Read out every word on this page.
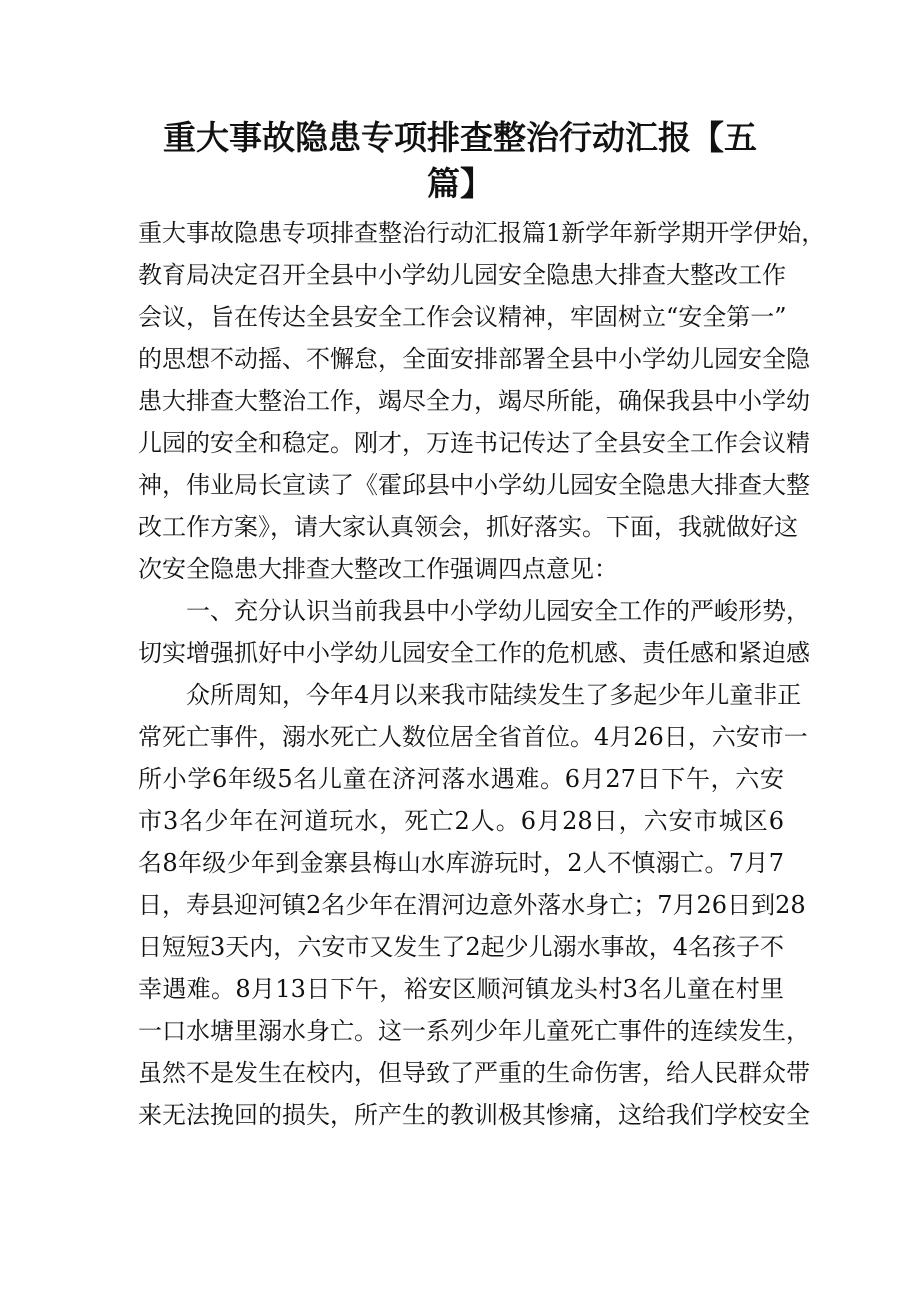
重大事故隐患专项排查整治行动汇报【五
篇】
重大事故隐患专项排查整治行动汇报篇1新学年新学期开学伊始，
教育局决定召开全县中小学幼儿园安全隐患大排查大整改工作
会议，旨在传达全县安全工作会议精神，牢固树立“安全第一”
的思想不动摇、不懈怠，全面安排部署全县中小学幼儿园安全隐
患大排查大整治工作，竭尽全力，竭尽所能，确保我县中小学幼
儿园的安全和稳定。刚才，万连书记传达了全县安全工作会议精
神，伟业局长宣读了《霍邱县中小学幼儿园安全隐患大排查大整
改工作方案》，请大家认真领会，抓好落实。下面，我就做好这
次安全隐患大排查大整改工作强调四点意见：
一、充分认识当前我县中小学幼儿园安全工作的严峻形势，
切实增强抓好中小学幼儿园安全工作的危机感、责任感和紧迫感
众所周知，今年4月以来我市陆续发生了多起少年儿童非正
常死亡事件，溺水死亡人数位居全省首位。4月26日，六安市一
所小学6年级5名儿童在济河落水遇难。6月27日下午，六安
市3名少年在河道玩水，死亡2人。6月28日，六安市城区6
名8年级少年到金寨县梅山水库游玩时，2人不慎溺亡。7月7
日，寿县迎河镇2名少年在渭河边意外落水身亡；7月26日到28
日短短3天内，六安市又发生了2起少儿溺水事故，4名孩子不
幸遇难。8月13日下午，裕安区顺河镇龙头村3名儿童在村里
一口水塘里溺水身亡。这一系列少年儿童死亡事件的连续发生，
虽然不是发生在校内，但导致了严重的生命伤害，给人民群众带
来无法挽回的损失，所产生的教训极其惨痛，这给我们学校安全
